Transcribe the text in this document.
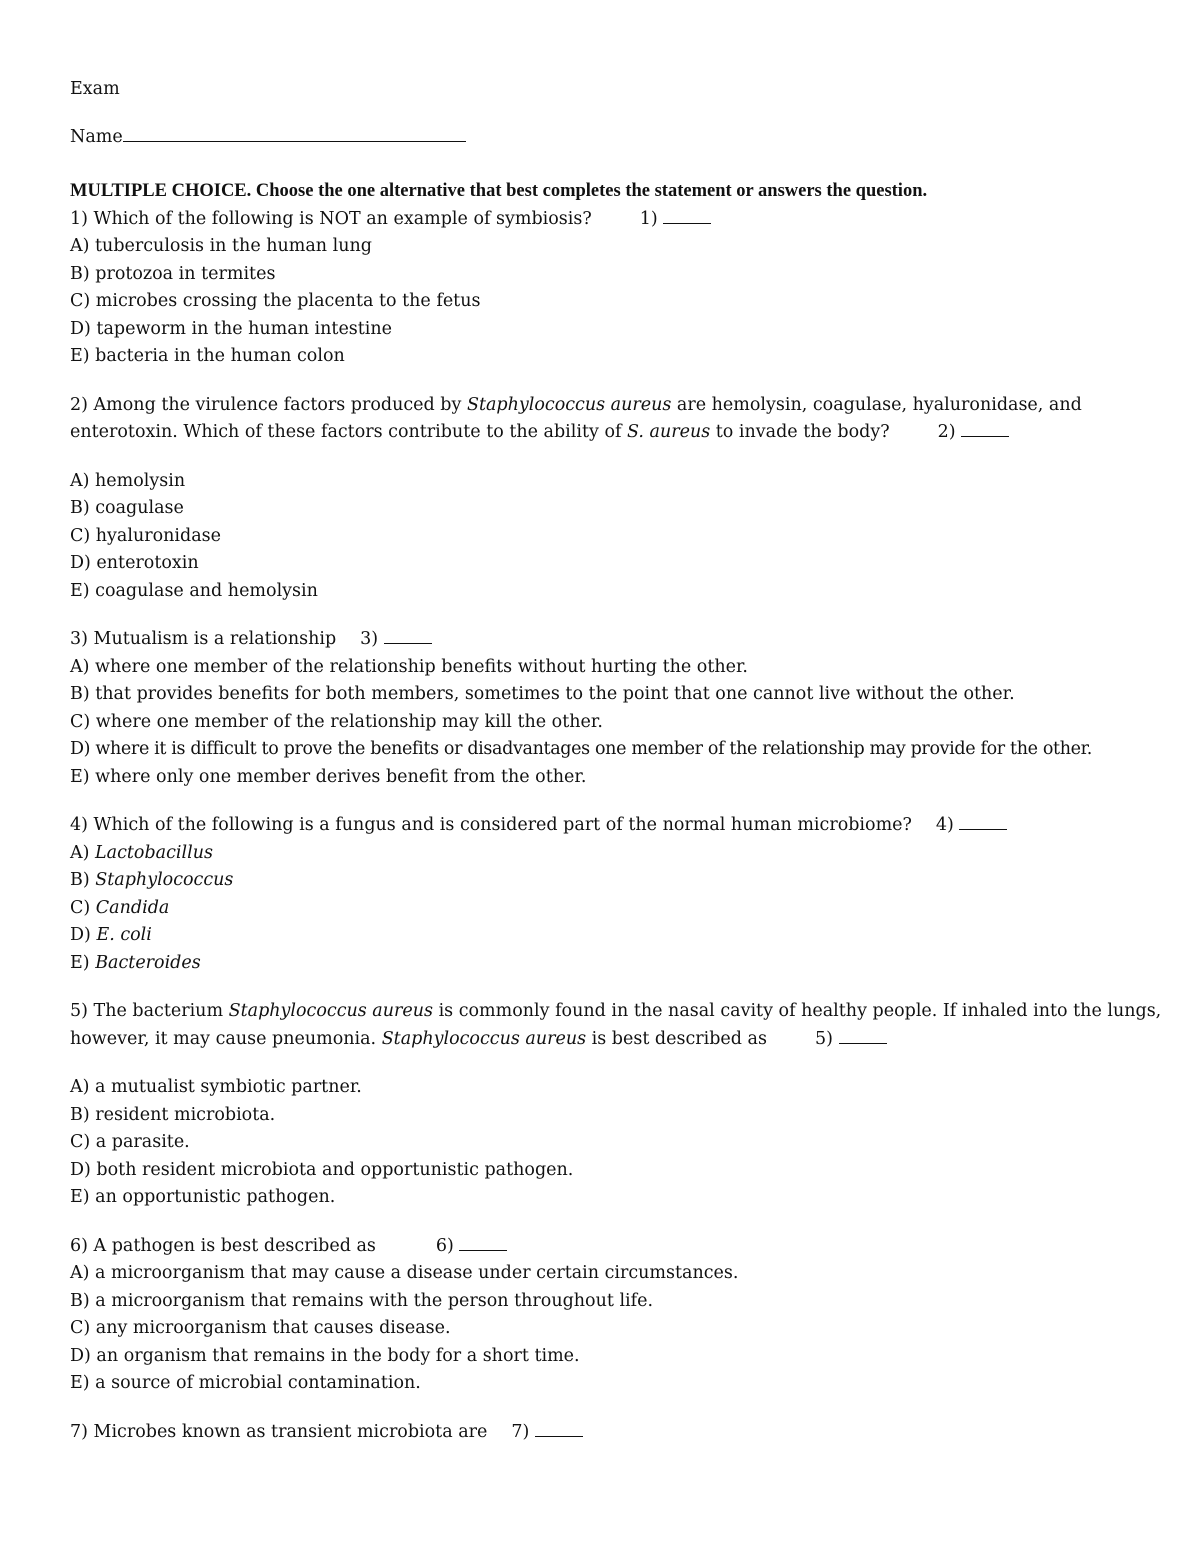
Exam
Name
MULTIPLE CHOICE. Choose the one alternative that best completes the statement or answers the question.
1) Which of the following is NOT an example of symbiosis?	1)
A) tuberculosis in the human lung
B) protozoa in termites
C) microbes crossing the placenta to the fetus
D) tapeworm in the human intestine
E) bacteria in the human colon
2) Among the virulence factors produced by Staphylococcus aureus are hemolysin, coagulase, hyaluronidase, and
enterotoxin. Which of these factors contribute to the ability of S. aureus to invade the body?	2)
A) hemolysin
B) coagulase
C) hyaluronidase
D) enterotoxin
E) coagulase and hemolysin
3) Mutualism is a relationship 3)
A) where one member of the relationship benefits without hurting the other.
B) that provides benefits for both members, sometimes to the point that one cannot live without the other.
C) where one member of the relationship may kill the other.
D) where it is difficult to prove the benefits or disadvantages one member of the relationship may provide for the other.
E) where only one member derives benefit from the other.
4) Which of the following is a fungus and is considered part of the normal human microbiome? 4)
A) Lactobacillus
B) Staphylococcus
C) Candida
D) E. coli
E) Bacteroides
5) The bacterium Staphylococcus aureus is commonly found in the nasal cavity of healthy people. If inhaled into the lungs,
however, it may cause pneumonia. Staphylococcus aureus is best described as	5)
A) a mutualist symbiotic partner.
B) resident microbiota.
C) a parasite.
D) both resident microbiota and opportunistic pathogen.
E) an opportunistic pathogen.
6) A pathogen is best described as	6)
A) a microorganism that may cause a disease under certain circumstances.
B) a microorganism that remains with the person throughout life.
C) any microorganism that causes disease.
D) an organism that remains in the body for a short time.
E) a source of microbial contamination.
7) Microbes known as transient microbiota are 7)
